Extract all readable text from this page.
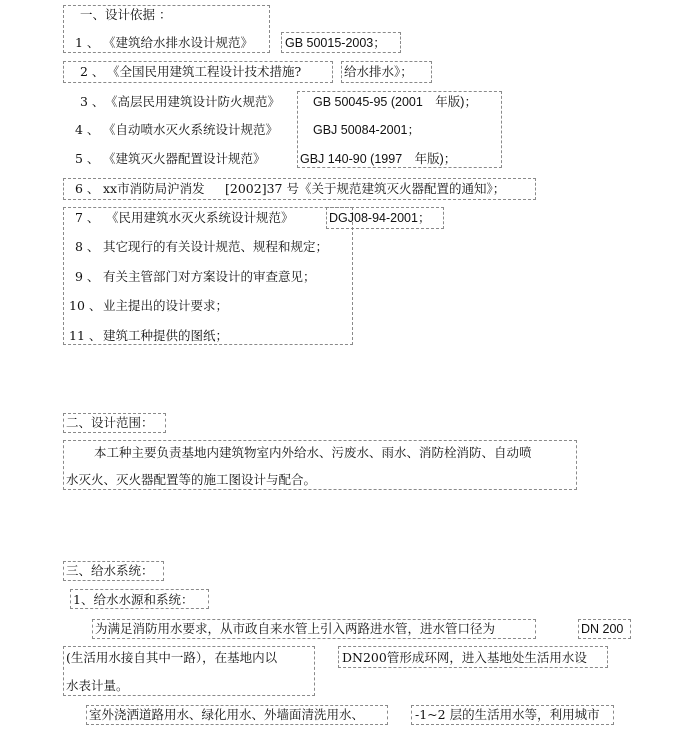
一、设计依据 ：
1 、 《建筑给水排水设计规范》	GB 50015-2003；
2 、 《全国民用建筑工程设计技术措施?	给水排水》；
3 、 《高层民用建筑设计防火规范》	GB 50045-95 (2001　年版)；
4 、 《自动喷水灭火系统设计规范》	GBJ 50084-2001；
5 、 《建筑灭火器配置设计规范》	GBJ 140-90 (1997　年版)；
6 、 xx市消防局沪消发 [2002]37 号《关于规范建筑灭火器配置的通知》；
7 、 《民用建筑水灭火系统设计规范》	DGJ08-94-2001；
8 、 其它现行的有关设计规范、规程和规定；
9 、 有关主管部门对方案设计的审查意见；
10 、 业主提出的设计要求；
11 、 建筑工种提供的图纸；
二、设计范围：
本工种主要负责基地内建筑物室内外给水、污废水、雨水、消防栓消防、自动喷
水灭火、灭火器配置等的施工图设计与配合。
三、给水系统：
1、给水水源和系统：
为满足消防用水要求，从市政自来水管上引入两路进水管，进水管口径为	DN 200
(生活用水接自其中一路），在基地内以	DN200管形成环网，进入基地处生活用水设
水表计量。
室外浇洒道路用水、绿化用水、外墙面清洗用水、	-1~2 层的生活用水等，利用城市
